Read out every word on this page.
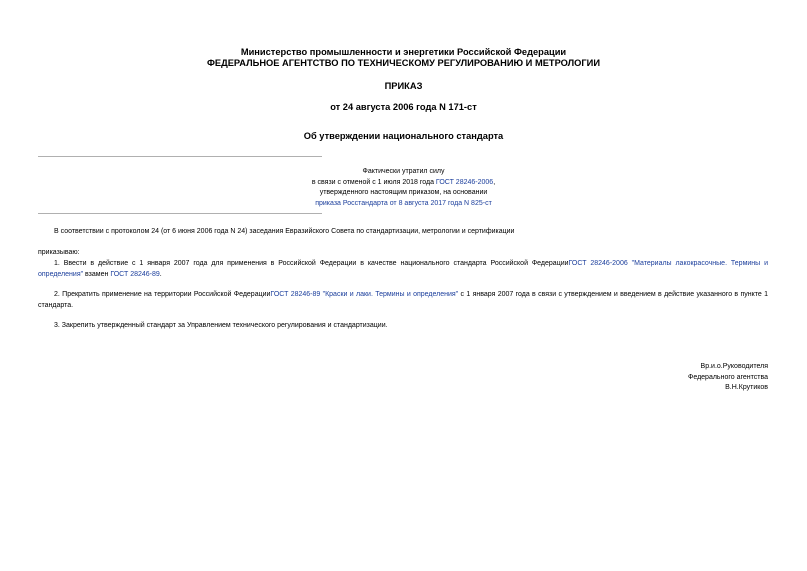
Министерство промышленности и энергетики Российской Федерации
ФЕДЕРАЛЬНОЕ АГЕНТСТВО ПО ТЕХНИЧЕСКОМУ РЕГУЛИРОВАНИЮ И МЕТРОЛОГИИ
ПРИКАЗ
от 24 августа 2006 года N 171-ст
Об утверждении национального стандарта
Фактически утратил силу
в связи с отменой с 1 июля 2018 года ГОСТ 28246-2006,
утвержденного настоящим приказом, на основании
приказа Росстандарта от 8 августа 2017 года N 825-ст
В соответствии с протоколом 24 (от 6 июня 2006 года N 24) заседания Евразийского Совета по стандартизации, метрологии и сертификации
приказываю:
1. Ввести в действие с 1 января 2007 года для применения в Российской Федерации в качестве национального стандарта Российской ФедерацииГОСТ 28246-2006 "Материалы лакокрасочные. Термины и определения" взамен ГОСТ 28246-89.
2. Прекратить применение на территории Российской ФедерацииГОСТ 28246-89 "Краски и лаки. Термины и определения" с 1 января 2007 года в связи с утверждением и введением в действие указанного в пункте 1 стандарта.
3. Закрепить утвержденный стандарт за Управлением технического регулирования и стандартизации.
Вр.и.о.Руководителя
Федерального агентства
В.Н.Крутиков
